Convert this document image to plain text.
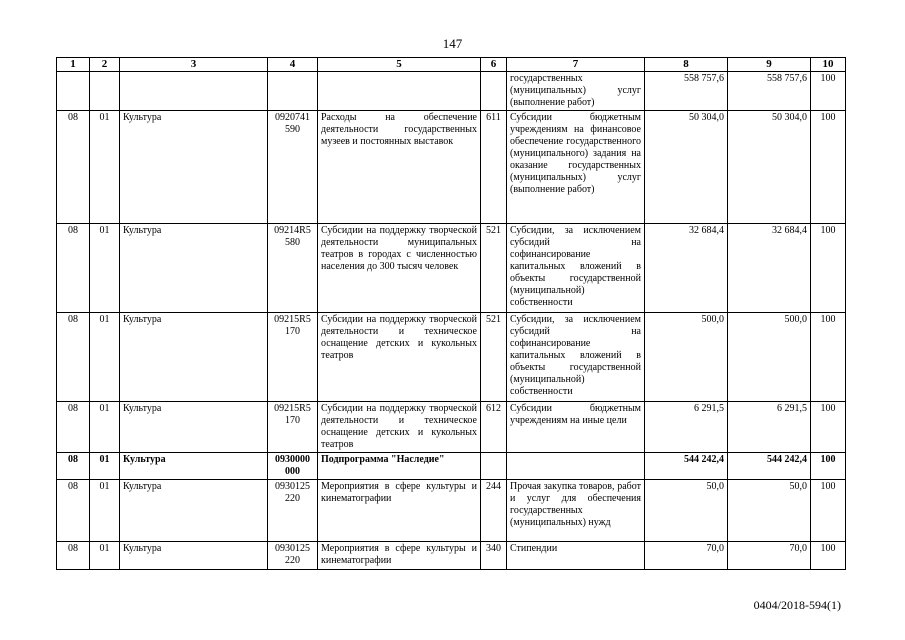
147
1	2	3	4	5	6	7	8	9	10
						государственных (муниципальных) услуг (выполнение работ)	558 757,6	558 757,6	100
08	01	Культура	0920741 590	Расходы на обеспечение деятельности государственных музеев и постоянных выставок	611	Субсидии бюджетным учреждениям на финансовое обеспечение государственного (муниципального) задания на оказание государственных (муниципальных) услуг (выполнение работ)	50 304,0	50 304,0	100
08	01	Культура	09214R5 580	Субсидии на поддержку творческой деятельности муниципальных театров в городах с численностью населения до 300 тысяч человек	521	Субсидии, за исключением субсидий на софинансирование капитальных вложений в объекты государственной (муниципальной) собственности	32 684,4	32 684,4	100
08	01	Культура	09215R5 170	Субсидии на поддержку творческой деятельности и техническое оснащение детских и кукольных театров	521	Субсидии, за исключением субсидий на софинансирование капитальных вложений в объекты государственной (муниципальной) собственности	500,0	500,0	100
08	01	Культура	09215R5 170	Субсидии на поддержку творческой деятельности и техническое оснащение детских и кукольных театров	612	Субсидии бюджетным учреждениям на иные цели	6 291,5	6 291,5	100
08	01	Культура	0930000 000	Подпрограмма "Наследие"			544 242,4	544 242,4	100
08	01	Культура	0930125 220	Мероприятия в сфере культуры и кинематографии	244	Прочая закупка товаров, работ и услуг для обеспечения государственных (муниципальных) нужд	50,0	50,0	100
08	01	Культура	0930125 220	Мероприятия в сфере культуры и кинематографии	340	Стипендии	70,0	70,0	100
0404/2018-594(1)
